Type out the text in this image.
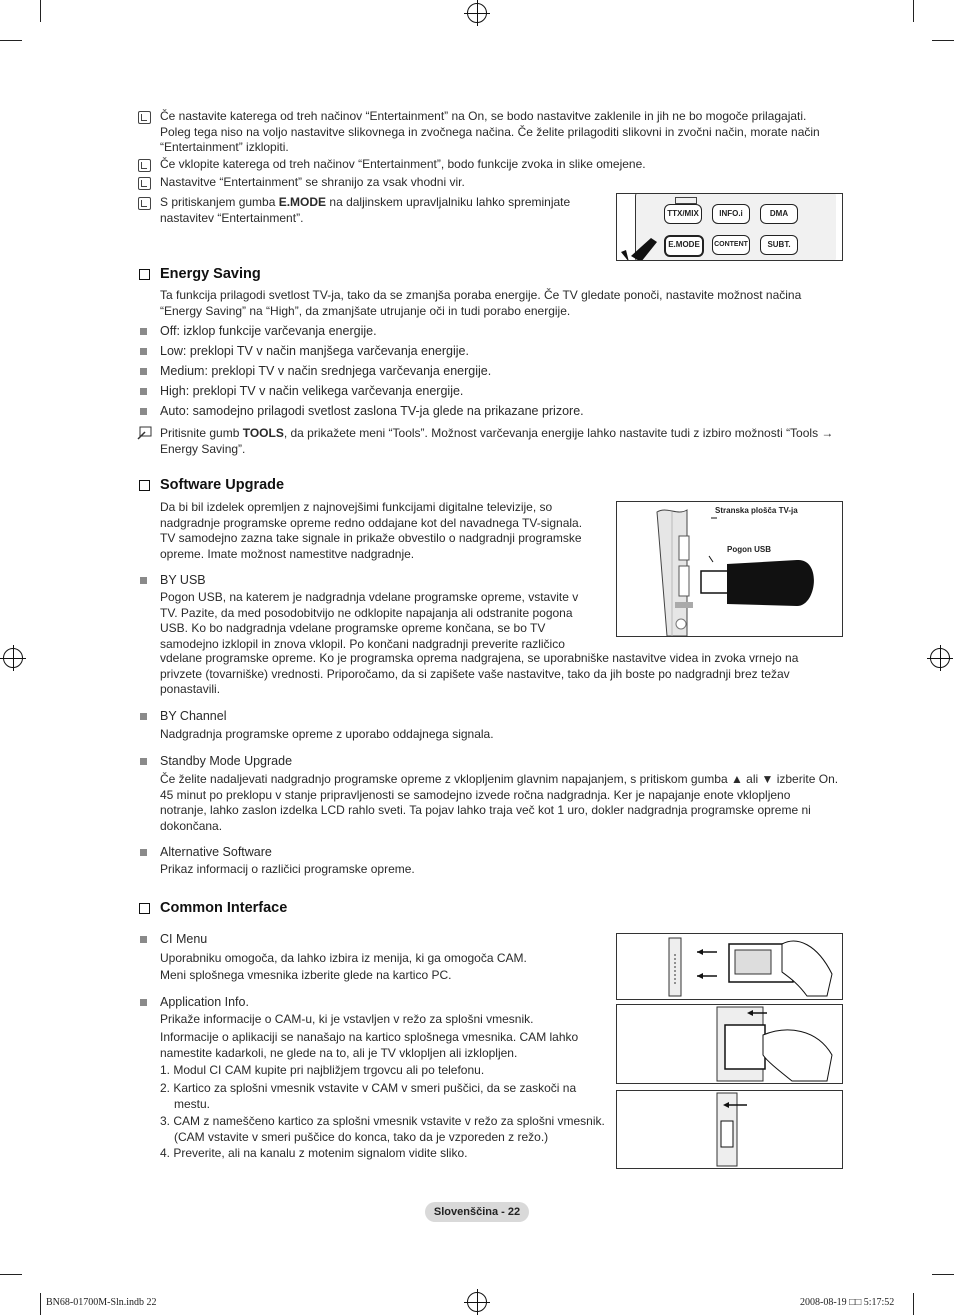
Če nastavite katerega od treh načinov “Entertainment” na On, se bodo nastavitve zaklenile in jih ne bo mogoče prilagajati. Poleg tega niso na voljo nastavitve slikovnega in zvočnega načina. Če želite prilagoditi slikovni in zvočni način, morate način “Entertainment” izklopiti.
Če vklopite katerega od treh načinov “Entertainment”, bodo funkcije zvoka in slike omejene.
Nastavitve “Entertainment” se shranijo za vsak vhodni vir.
S pritiskanjem gumba E.MODE na daljinskem upravljalniku lahko spreminjate nastavitev “Entertainment”.	TTX/MIX	INFO.i	DMA
E.MODE	CONTENT	SUBT.
Energy Saving
Ta funkcija prilagodi svetlost TV-ja, tako da se zmanjša poraba energije. Če TV gledate ponoči, nastavite možnost načina “Energy Saving” na “High”, da zmanjšate utrujanje oči in tudi porabo energije.
Off: izklop funkcije varčevanja energije.
Low: preklopi TV v način manjšega varčevanja energije.
Medium: preklopi TV v način srednjega varčevanja energije.
High: preklopi TV v način velikega varčevanja energije.
Auto: samodejno prilagodi svetlost zaslona TV-ja glede na prikazane prizore.
Pritisnite gumb TOOLS, da prikažete meni “Tools”. Možnost varčevanja energije lahko nastavite tudi z izbiro možnosti “Tools → Energy Saving”.
Software Upgrade
Da bi bil izdelek opremljen z najnovejšimi funkcijami digitalne televizije, so nadgradnje programske opreme redno oddajane kot del navadnega TV-signala. TV samodejno zazna take signale in prikaže obvestilo o nadgradnji programske opreme. Imate možnost namestitve nadgradnje.
Stranska plošča TV-ja
Pogon USB
BY USB
Pogon USB, na katerem je nadgradnja vdelane programske opreme, vstavite v TV. Pazite, da med posodobitvijo ne odklopite napajanja ali odstranite pogona USB. Ko bo nadgradnja vdelane programske opreme končana, se bo TV samodejno izklopil in znova vklopil. Po končani nadgradnji preverite različico
vdelane programske opreme. Ko je programska oprema nadgrajena, se uporabniške nastavitve videa in zvoka vrnejo na privzete (tovarniške) vrednosti. Priporočamo, da si zapišete vaše nastavitve, tako da jih boste po nadgradnji brez težav ponastavili.
BY Channel
Nadgradnja programske opreme z uporabo oddajnega signala.
Standby Mode Upgrade
Če želite nadaljevati nadgradnjo programske opreme z vklopljenim glavnim napajanjem, s pritiskom gumba ▲ ali ▼ izberite On. 45 minut po preklopu v stanje pripravljenosti se samodejno izvede ročna nadgradnja. Ker je napajanje enote vklopljeno notranje, lahko zaslon izdelka LCD rahlo sveti. Ta pojav lahko traja več kot 1 uro, dokler nadgradnja programske opreme ni dokončana.
Alternative Software
Prikaz informacij o različici programske opreme.
Common Interface
CI Menu
Uporabniku omogoča, da lahko izbira iz menija, ki ga omogoča CAM.
Meni splošnega vmesnika izberite glede na kartico PC.
Application Info.
Prikaže informacije o CAM-u, ki je vstavljen v režo za splošni vmesnik.
Informacije o aplikaciji se nanašajo na kartico splošnega vmesnika. CAM lahko namestite kadarkoli, ne glede na to, ali je TV vklopljen ali izklopljen.
1. Modul CI CAM kupite pri najbližjem trgovcu ali po telefonu.
2. Kartico za splošni vmesnik vstavite v CAM v smeri puščici, da se zaskoči na mestu.
3. CAM z nameščeno kartico za splošni vmesnik vstavite v režo za splošni vmesnik. (CAM vstavite v smeri puščice do konca, tako da je vzporeden z režo.)
4. Preverite, ali na kanalu z motenim signalom vidite sliko.
Slovenščina - 22
BN68-01700M-Sln.indb 22	2008-08-19 □□ 5:17:52
